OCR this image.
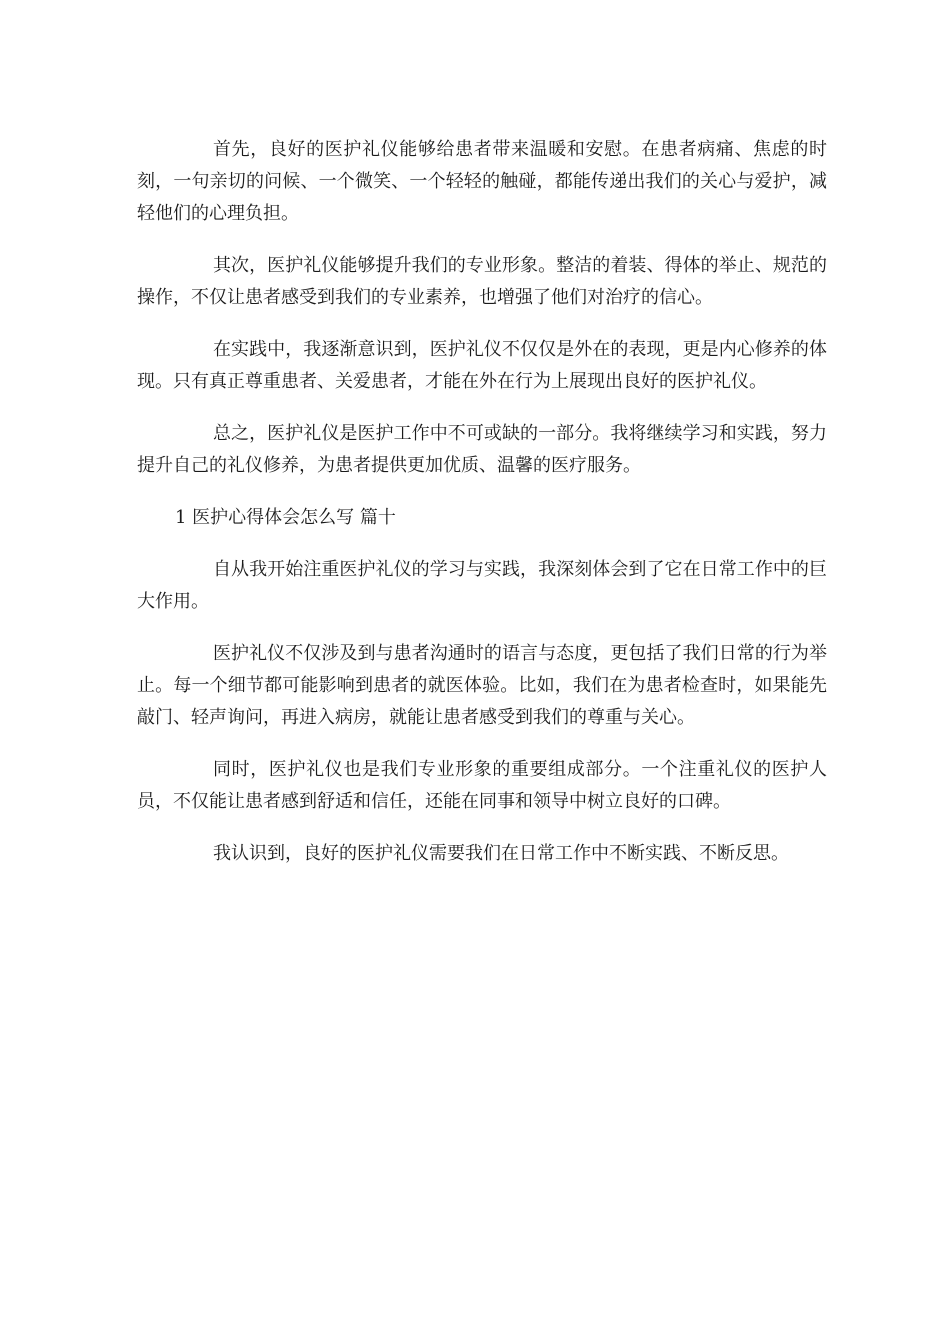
首先，良好的医护礼仪能够给患者带来温暖和安慰。在患者病痛、焦虑的时刻，一句亲切的问候、一个微笑、一个轻轻的触碰，都能传递出我们的关心与爱护，减轻他们的心理负担。

其次，医护礼仪能够提升我们的专业形象。整洁的着装、得体的举止、规范的操作，不仅让患者感受到我们的专业素养，也增强了他们对治疗的信心。

在实践中，我逐渐意识到，医护礼仪不仅仅是外在的表现，更是内心修养的体现。只有真正尊重患者、关爱患者，才能在外在行为上展现出良好的医护礼仪。

总之，医护礼仪是医护工作中不可或缺的一部分。我将继续学习和实践，努力提升自己的礼仪修养，为患者提供更加优质、温馨的医疗服务。

1 医护心得体会怎么写 篇十

自从我开始注重医护礼仪的学习与实践，我深刻体会到了它在日常工作中的巨大作用。

医护礼仪不仅涉及到与患者沟通时的语言与态度，更包括了我们日常的行为举止。每一个细节都可能影响到患者的就医体验。比如，我们在为患者检查时，如果能先敲门、轻声询问，再进入病房，就能让患者感受到我们的尊重与关心。

同时，医护礼仪也是我们专业形象的重要组成部分。一个注重礼仪的医护人员，不仅能让患者感到舒适和信任，还能在同事和领导中树立良好的口碑。

我认识到，良好的医护礼仪需要我们在日常工作中不断实践、不断反思。
